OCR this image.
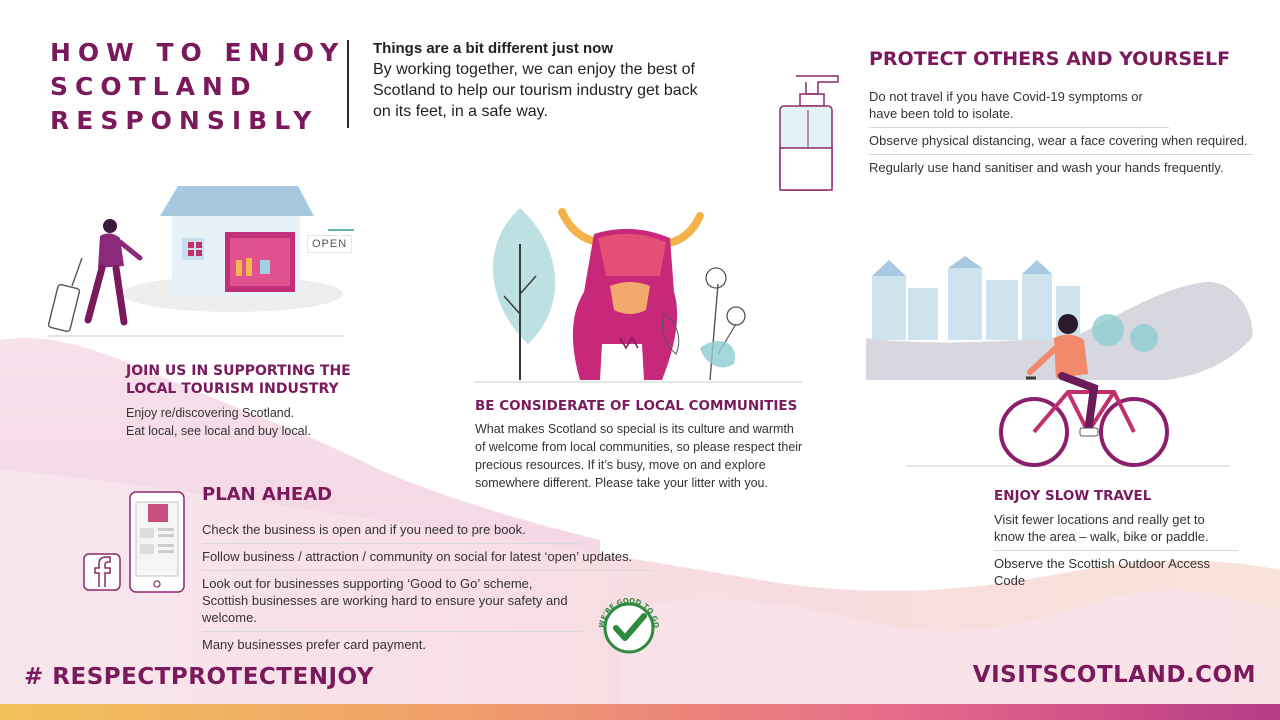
HOW TO ENJOY
SCOTLAND
RESPONSIBLY
Things are a bit different just now
By working together, we can enjoy the best of Scotland to help our tourism industry get back on its feet, in a safe way.
PROTECT OTHERS AND YOURSELF
Do not travel if you have Covid-19 symptoms or have been told to isolate.
Observe physical distancing, wear a face covering when required.
Regularly use hand sanitiser and wash your hands frequently.
OPEN
JOIN US IN SUPPORTING THE
LOCAL TOURISM INDUSTRY
Enjoy re/discovering Scotland.
Eat local, see local and buy local.
BE CONSIDERATE OF LOCAL COMMUNITIES
What makes Scotland so special is its culture and warmth of welcome from local communities, so please respect their precious resources. If it’s busy, move on and explore somewhere different. Please take your litter with you.
ENJOY SLOW TRAVEL
Visit fewer locations and really get to know the area – walk, bike or paddle.
Observe the Scottish Outdoor Access Code
PLAN AHEAD
Check the business is open and if you need to pre book.
Follow business / attraction / community on social for latest ‘open’ updates.
Look out for businesses supporting ‘Good to Go’ scheme, Scottish businesses are working hard to ensure your safety and welcome.
Many businesses prefer card payment.
WE'RE GOOD TO GO
# RESPECTPROTECTENJOY	VISITSCOTLAND.COM
